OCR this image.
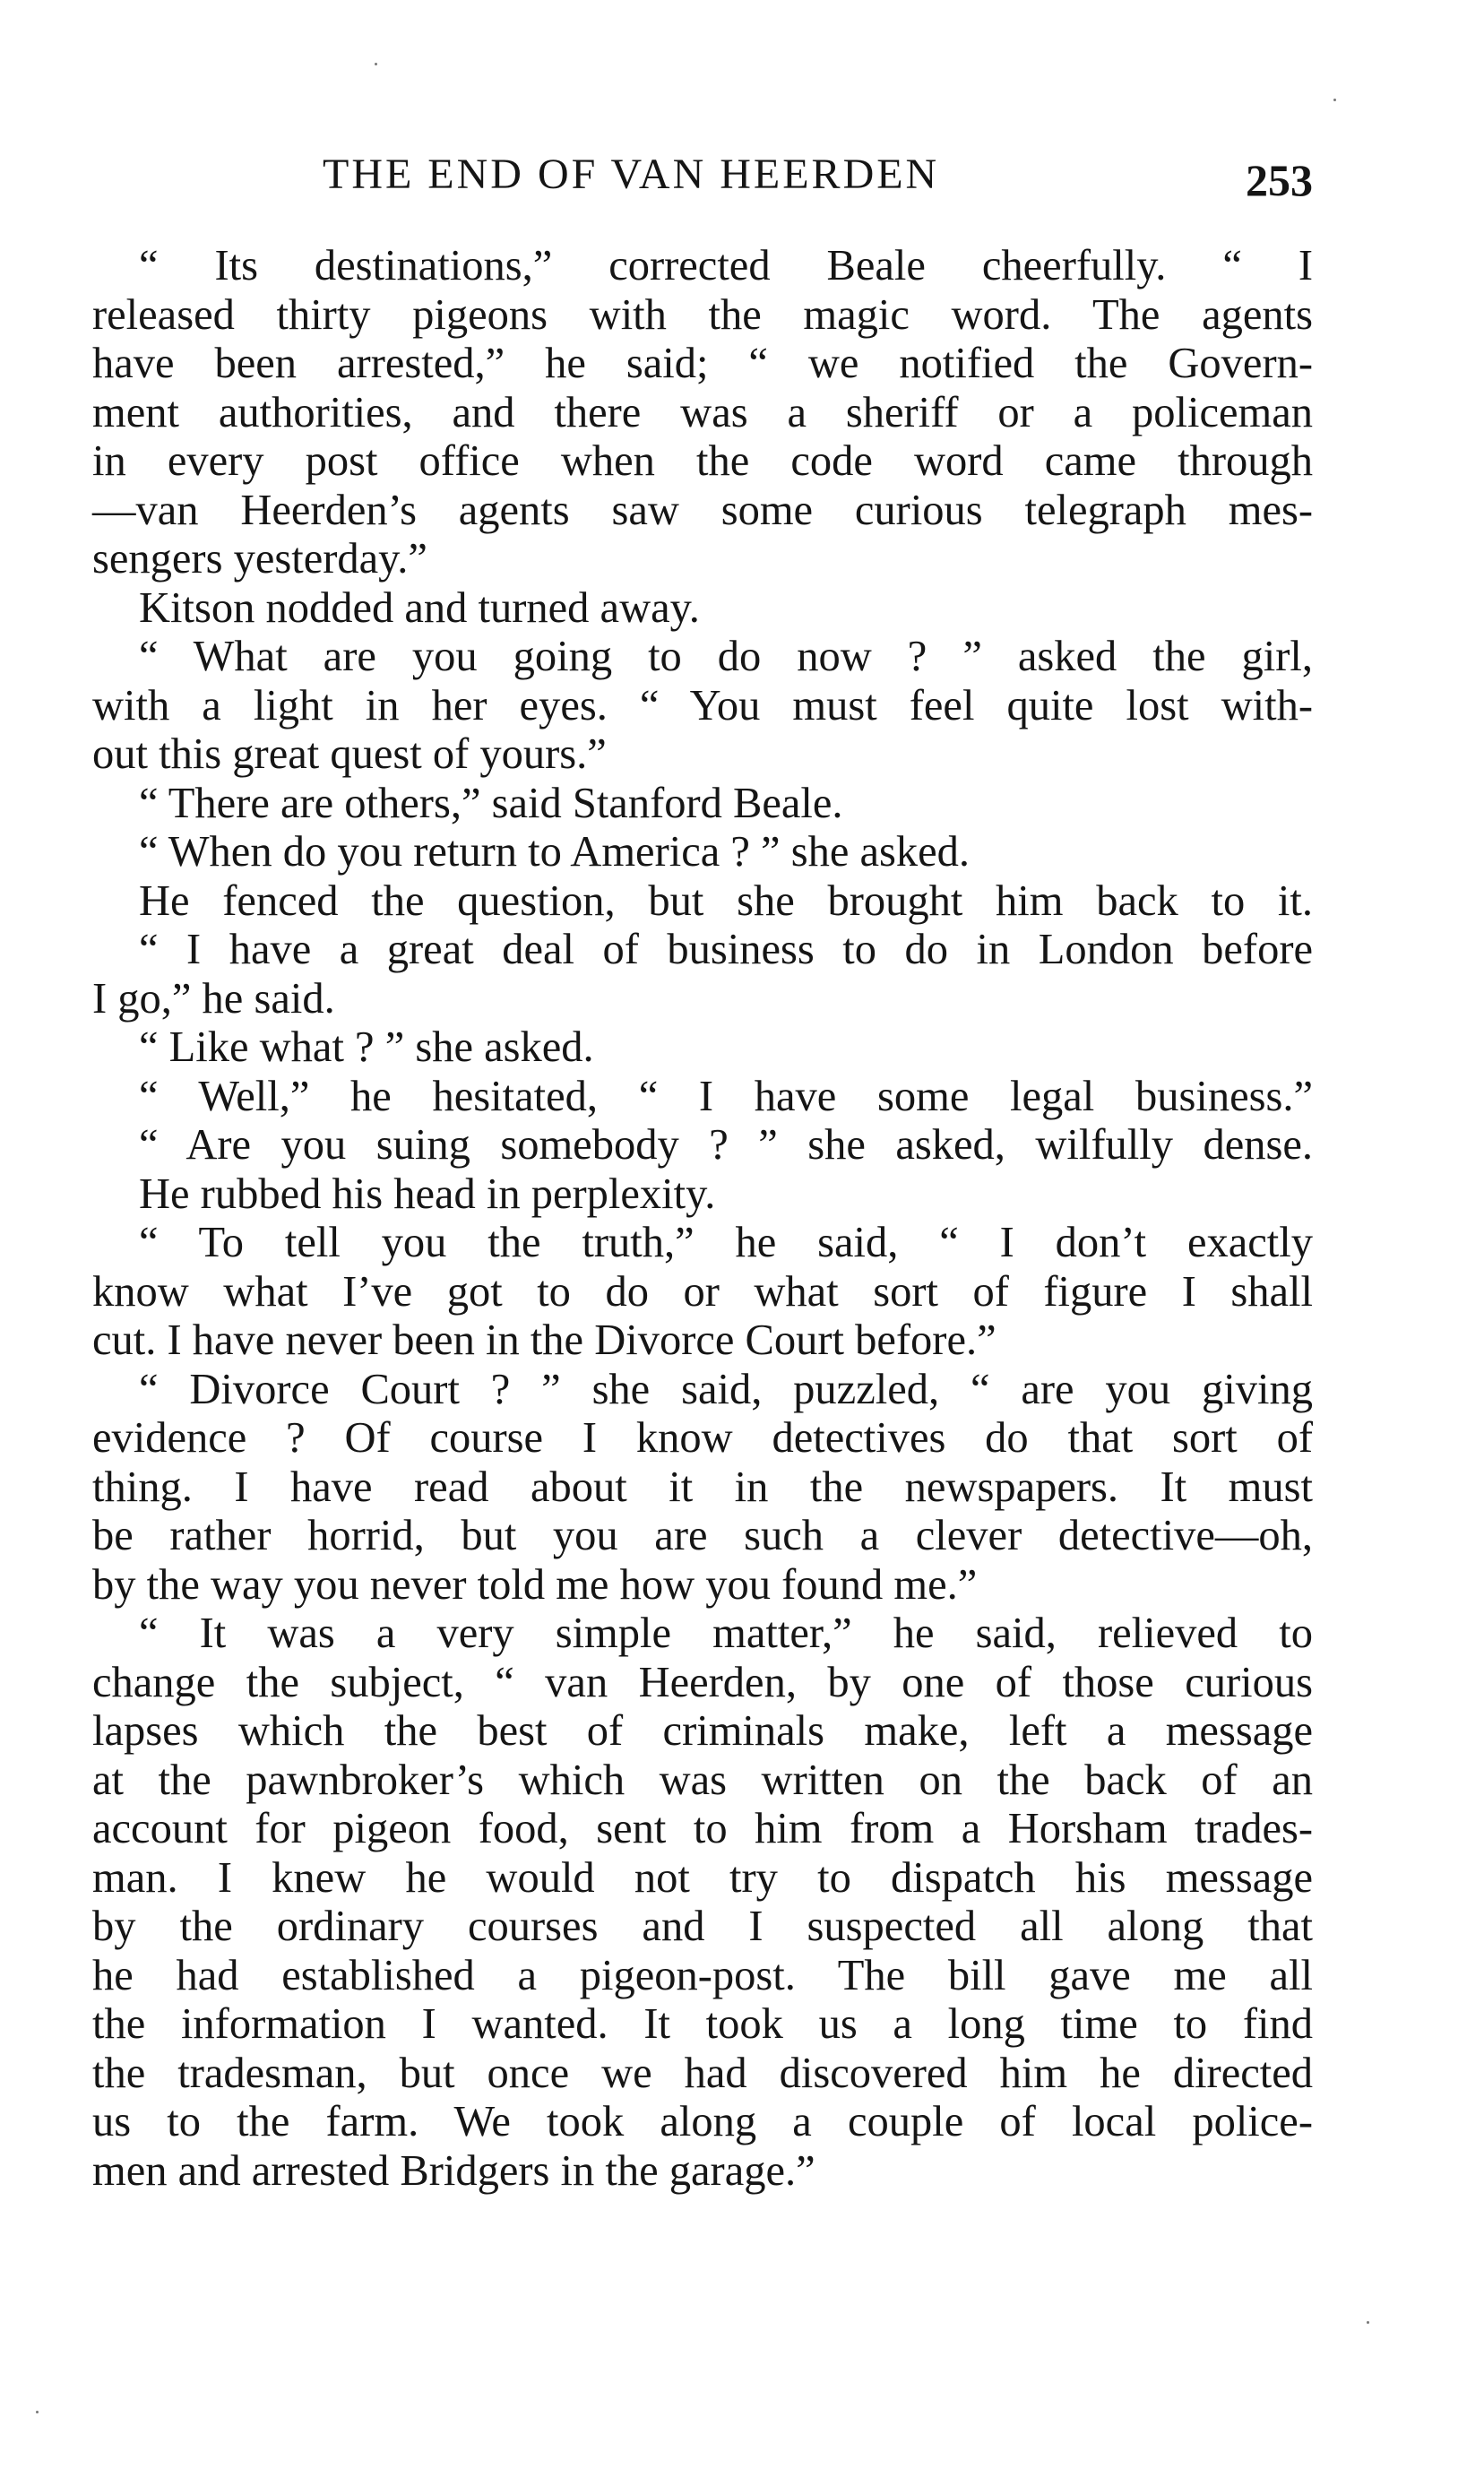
THE END OF VAN HEERDEN	253
“ Its destinations,” corrected Beale cheerfully. “ I
released thirty pigeons with the magic word. The agents
have been arrested,” he said; “ we notified the Govern-
ment authorities, and there was a sheriff or a policeman
in every post office when the code word came through
—van Heerden’s agents saw some curious telegraph mes-
sengers yesterday.”
Kitson nodded and turned away.
“ What are you going to do now ? ” asked the girl,
with a light in her eyes. “ You must feel quite lost with-
out this great quest of yours.”
“ There are others,” said Stanford Beale.
“ When do you return to America ? ” she asked.
He fenced the question, but she brought him back to it.
“ I have a great deal of business to do in London before
I go,” he said.
“ Like what ? ” she asked.
“ Well,” he hesitated, “ I have some legal business.”
“ Are you suing somebody ? ” she asked, wilfully dense.
He rubbed his head in perplexity.
“ To tell you the truth,” he said, “ I don’t exactly
know what I’ve got to do or what sort of figure I shall
cut. I have never been in the Divorce Court before.”
“ Divorce Court ? ” she said, puzzled, “ are you giving
evidence ? Of course I know detectives do that sort of
thing. I have read about it in the newspapers. It must
be rather horrid, but you are such a clever detective—oh,
by the way you never told me how you found me.”
“ It was a very simple matter,” he said, relieved to
change the subject, “ van Heerden, by one of those curious
lapses which the best of criminals make, left a message
at the pawnbroker’s which was written on the back of an
account for pigeon food, sent to him from a Horsham trades-
man. I knew he would not try to dispatch his message
by the ordinary courses and I suspected all along that
he had established a pigeon-post. The bill gave me all
the information I wanted. It took us a long time to find
the tradesman, but once we had discovered him he directed
us to the farm. We took along a couple of local police-
men and arrested Bridgers in the garage.”
